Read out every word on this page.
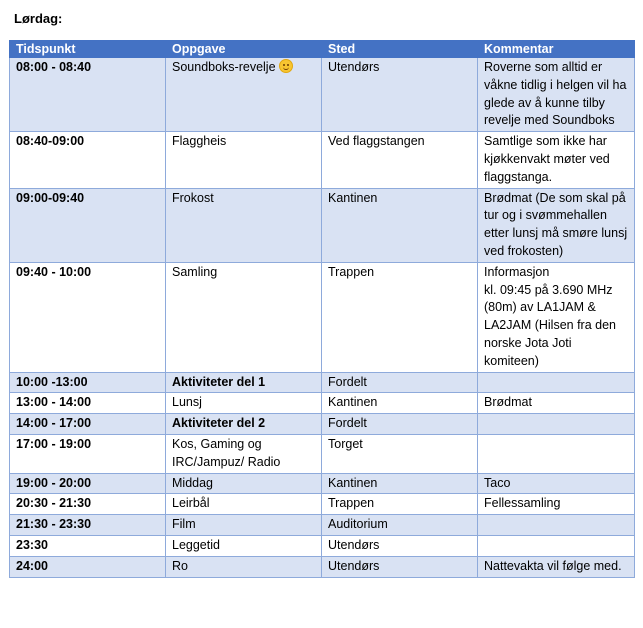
Lørdag:
Tidspunkt	Oppgave	Sted	Kommentar
08:00 - 08:40	Soundboks-revelje	Utendørs	Roverne som alltid er våkne tidlig i helgen vil ha glede av å kunne tilby revelje med Soundboks
08:40-09:00	Flaggheis	Ved flaggstangen	Samtlige som ikke har kjøkkenvakt møter ved flaggstanga.
09:00-09:40	Frokost	Kantinen	Brødmat (De som skal på tur og i svømmehallen etter lunsj må smøre lunsj ved frokosten)
09:40 - 10:00	Samling	Trappen	Informasjon
kl. 09:45 på 3.690 MHz (80m) av LA1JAM & LA2JAM (Hilsen fra den norske Jota Joti komiteen)
10:00 -13:00	Aktiviteter del 1	Fordelt	
13:00 - 14:00	Lunsj	Kantinen	Brødmat
14:00 - 17:00	Aktiviteter del 2	Fordelt	
17:00 - 19:00	Kos, Gaming og IRC/Jampuz/ Radio	Torget	
19:00 - 20:00	Middag	Kantinen	Taco
20:30 - 21:30	Leirbål	Trappen	Fellessamling
21:30 - 23:30	Film	Auditorium	
23:30	Leggetid	Utendørs	
24:00	Ro	Utendørs	Nattevakta vil følge med.
